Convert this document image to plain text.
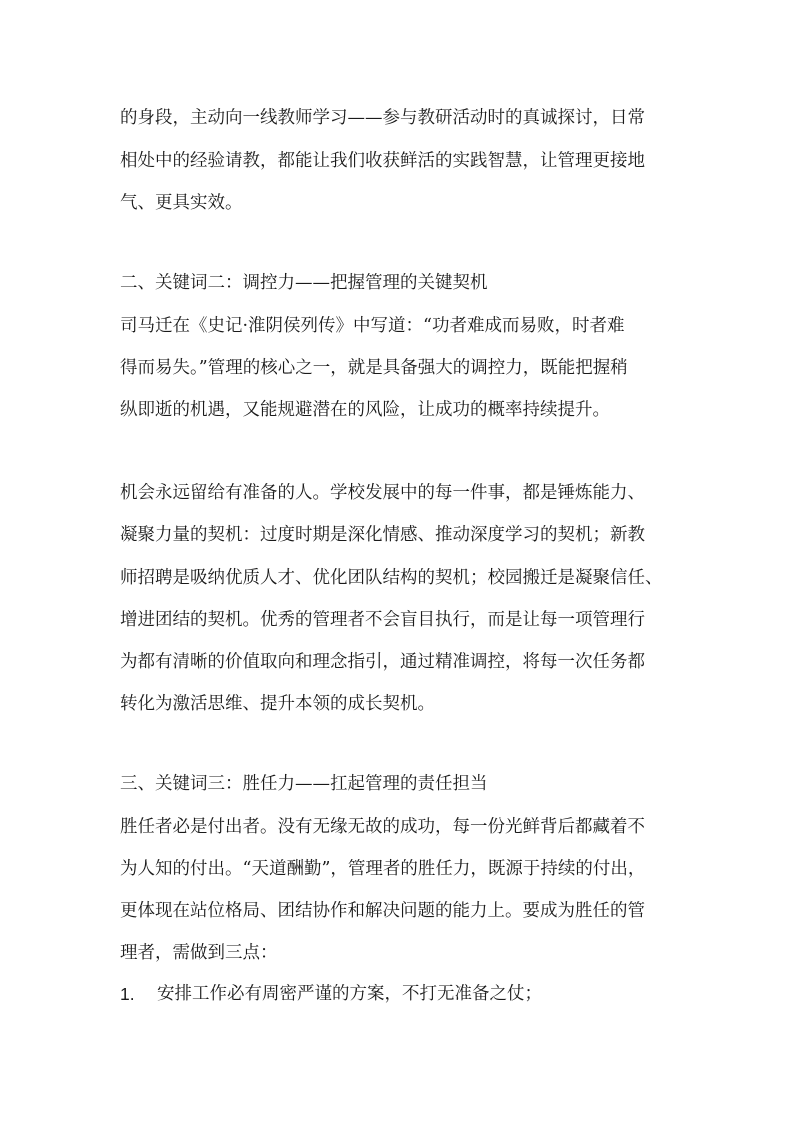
的身段，主动向一线教师学习——参与教研活动时的真诚探讨，日常
相处中的经验请教，都能让我们收获鲜活的实践智慧，让管理更接地
气、更具实效。
二、关键词二：调控力——把握管理的关键契机
司马迁在《史记·淮阴侯列传》中写道：“功者难成而易败，时者难
得而易失。”管理的核心之一，就是具备强大的调控力，既能把握稍
纵即逝的机遇，又能规避潜在的风险，让成功的概率持续提升。
机会永远留给有准备的人。学校发展中的每一件事，都是锤炼能力、
凝聚力量的契机：过度时期是深化情感、推动深度学习的契机；新教
师招聘是吸纳优质人才、优化团队结构的契机；校园搬迁是凝聚信任、
增进团结的契机。优秀的管理者不会盲目执行，而是让每一项管理行
为都有清晰的价值取向和理念指引，通过精准调控，将每一次任务都
转化为激活思维、提升本领的成长契机。
三、关键词三：胜任力——扛起管理的责任担当
胜任者必是付出者。没有无缘无故的成功，每一份光鲜背后都藏着不
为人知的付出。“天道酬勤”，管理者的胜任力，既源于持续的付出，
更体现在站位格局、团结协作和解决问题的能力上。要成为胜任的管
理者，需做到三点：
1. 安排工作必有周密严谨的方案，不打无准备之仗；
